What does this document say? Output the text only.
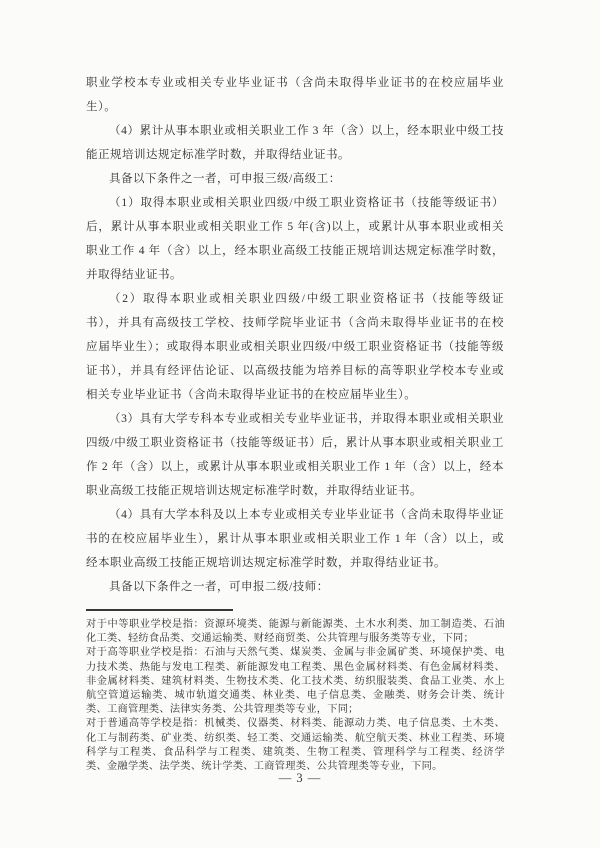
职业学校本专业或相关专业毕业证书（含尚未取得毕业证书的在校应届毕业
生）。
（4）累计从事本职业或相关职业工作 3 年（含）以上，经本职业中级工技
能正规培训达规定标准学时数，并取得结业证书。
具备以下条件之一者，可申报三级/高级工：
（1）取得本职业或相关职业四级/中级工职业资格证书（技能等级证书）
后，累计从事本职业或相关职业工作 5 年(含)以上，或累计从事本职业或相关
职业工作 4 年（含）以上，经本职业高级工技能正规培训达规定标准学时数，
并取得结业证书。
（2）取得本职业或相关职业四级/中级工职业资格证书（技能等级证
书），并具有高级技工学校、技师学院毕业证书（含尚未取得毕业证书的在校
应届毕业生）；或取得本职业或相关职业四级/中级工职业资格证书（技能等级
证书），并具有经评估论证、以高级技能为培养目标的高等职业学校本专业或
相关专业毕业证书（含尚未取得毕业证书的在校应届毕业生）。
（3）具有大学专科本专业或相关专业毕业证书，并取得本职业或相关职业
四级/中级工职业资格证书（技能等级证书）后，累计从事本职业或相关职业工
作 2 年（含）以上，或累计从事本职业或相关职业工作 1 年（含）以上，经本
职业高级工技能正规培训达规定标准学时数，并取得结业证书。
（4）具有大学本科及以上本专业或相关专业毕业证书（含尚未取得毕业证
书的在校应届毕业生），累计从事本职业或相关职业工作 1 年（含）以上，或
经本职业高级工技能正规培训达规定标准学时数，并取得结业证书。
具备以下条件之一者，可申报二级/技师：
对于中等职业学校是指：资源环境类、能源与新能源类、土木水利类、加工制造类、石油
化工类、轻纺食品类、交通运输类、财经商贸类、公共管理与服务类等专业，下同；
对于高等职业学校是指：石油与天然气类、煤炭类、金属与非金属矿类、环境保护类、电
力技术类、热能与发电工程类、新能源发电工程类、黑色金属材料类、有色金属材料类、
非金属材料类、建筑材料类、生物技术类、化工技术类、纺织服装类、食品工业类、水上
航空管道运输类、城市轨道交通类、林业类、电子信息类、金融类、财务会计类、统计
类、工商管理类、法律实务类、公共管理类等专业，下同；
对于普通高等学校是指：机械类、仪器类、材料类、能源动力类、电子信息类、土木类、
化工与制药类、矿业类、纺织类、轻工类、交通运输类、航空航天类、林业工程类、环境
科学与工程类、食品科学与工程类、建筑类、生物工程类、管理科学与工程类、经济学
类、金融学类、法学类、统计学类、工商管理类、公共管理类等专业，下同。
— 3 —
